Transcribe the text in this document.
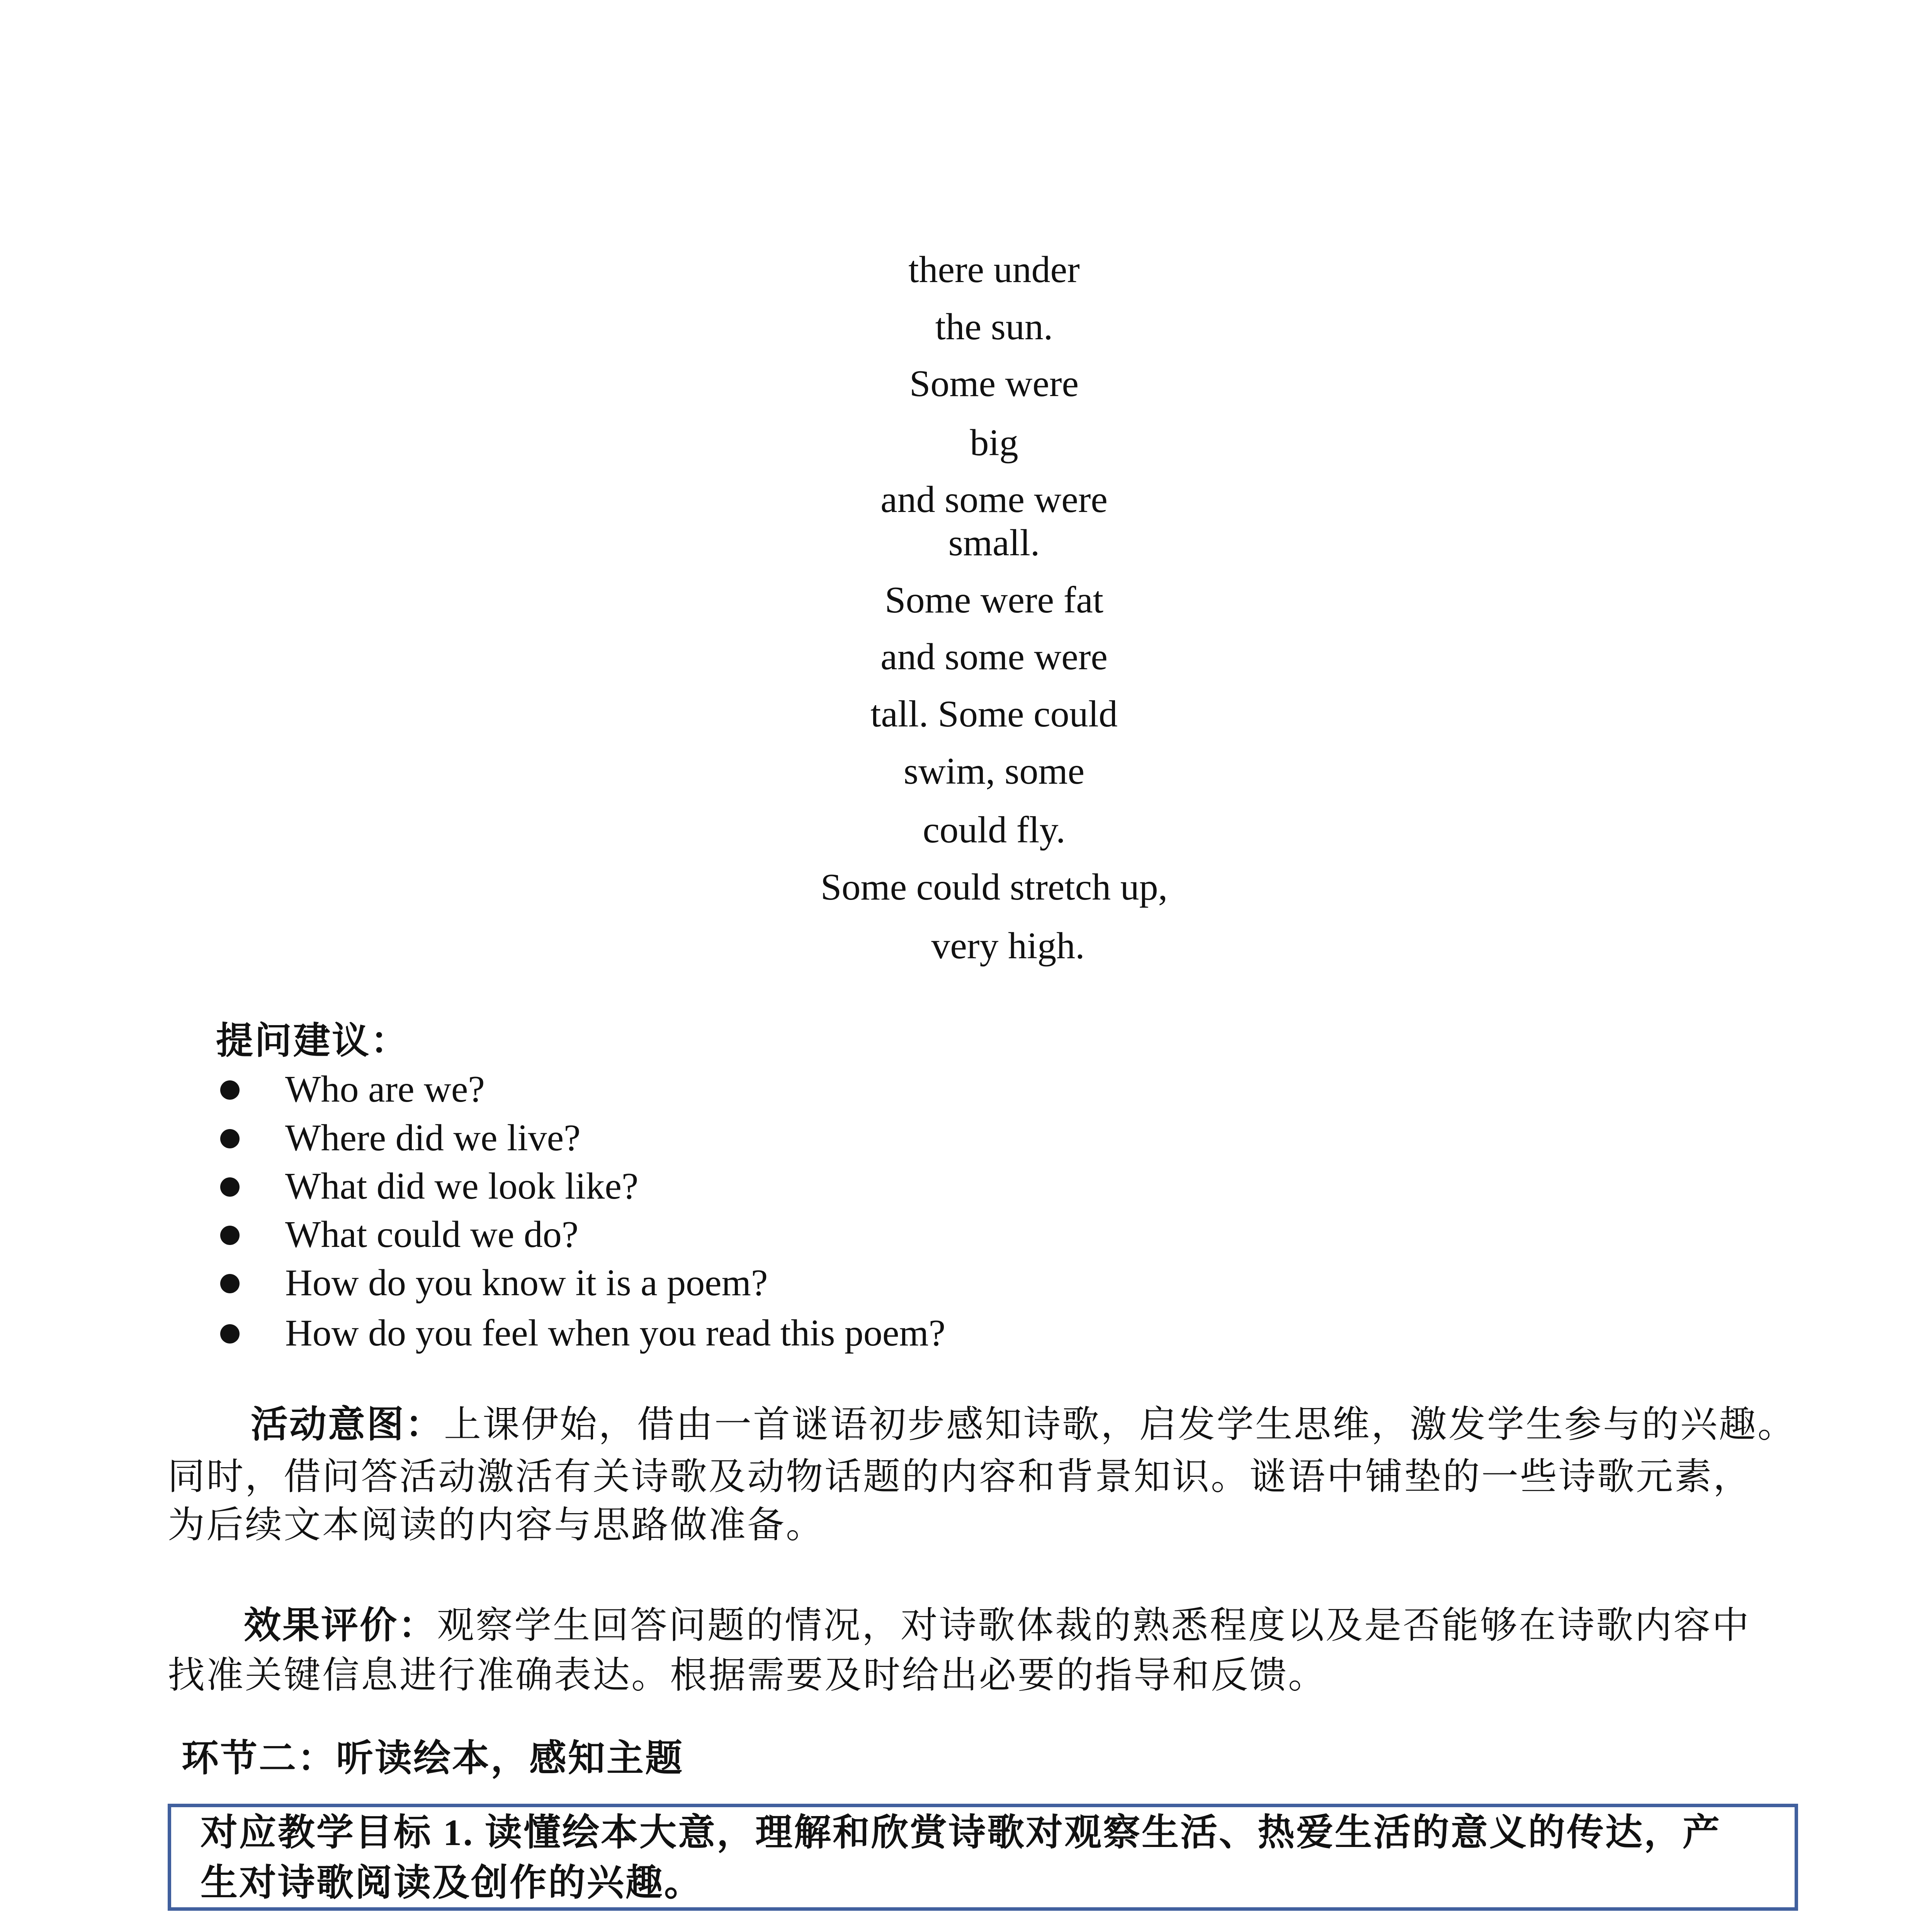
there under
the sun.
Some were
big
and some were
small.
Some were fat
and some were
tall. Some could
swim, some
could fly.
Some could stretch up,
very high.
提问建议：
Who are we?
Where did we live?
What did we look like?
What could we do?
How do you know it is a poem?
How do you feel when you read this poem?
活动意图：上课伊始，借由一首谜语初步感知诗歌，启发学生思维，激发学生参与的兴趣。
同时，借问答活动激活有关诗歌及动物话题的内容和背景知识。谜语中铺垫的一些诗歌元素，
为后续文本阅读的内容与思路做准备。
效果评价：观察学生回答问题的情况，对诗歌体裁的熟悉程度以及是否能够在诗歌内容中
找准关键信息进行准确表达。根据需要及时给出必要的指导和反馈。
环节二：听读绘本，感知主题
对应教学目标 1. 读懂绘本大意，理解和欣赏诗歌对观察生活、热爱生活的意义的传达，产
生对诗歌阅读及创作的兴趣。
